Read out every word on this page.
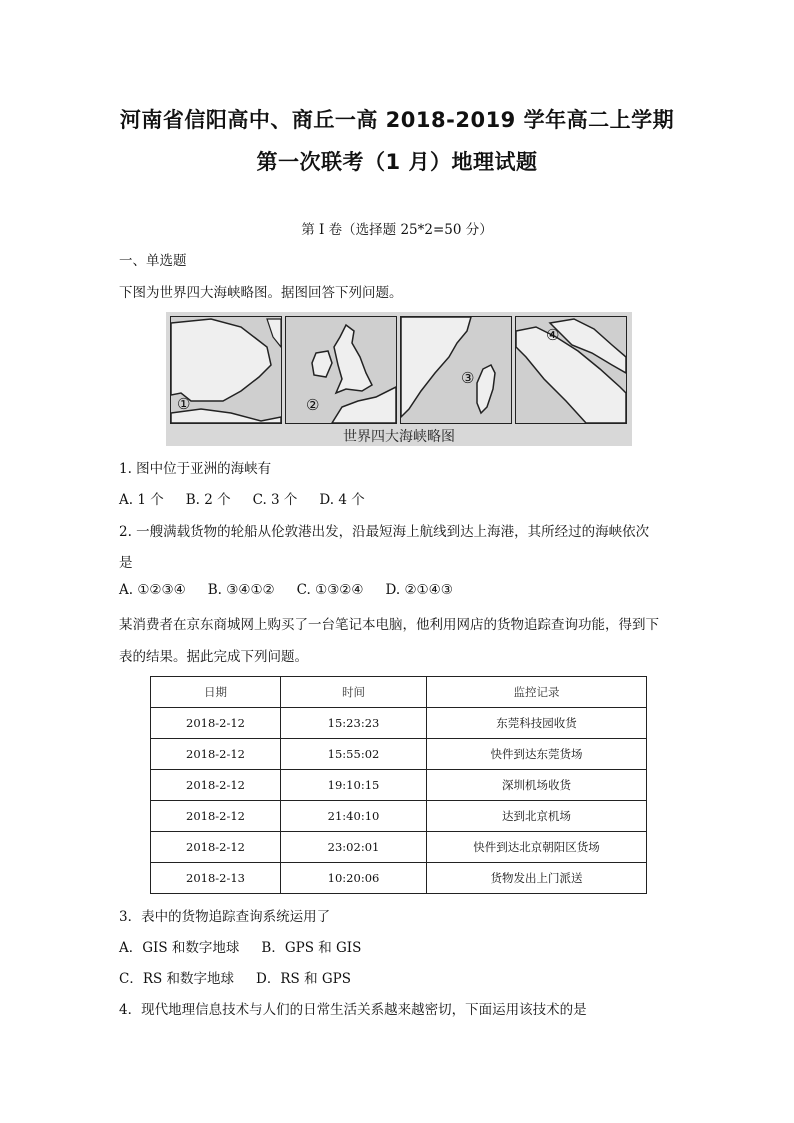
河南省信阳高中、商丘一高 2018-2019 学年高二上学期
第一次联考（1 月）地理试题
第 I 卷（选择题 25*2=50 分）
一、单选题
下图为世界四大海峡略图。据图回答下列问题。
①	②
③
④
世界四大海峡略图
1. 图中位于亚洲的海峡有
A. 1 个 B. 2 个 C. 3 个 D. 4 个
2. 一艘满载货物的轮船从伦敦港出发，沿最短海上航线到达上海港，其所经过的海峡依次
是
A. ①②③④ B. ③④①② C. ①③②④ D. ②①④③
某消费者在京东商城网上购买了一台笔记本电脑，他利用网店的货物追踪查询功能，得到下
表的结果。据此完成下列问题。
日期	时间	监控记录
2018-2-12	15:23:23	东莞科技园收货
2018-2-12	15:55:02	快件到达东莞货场
2018-2-12	19:10:15	深圳机场收货
2018-2-12	21:40:10	达到北京机场
2018-2-12	23:02:01	快件到达北京朝阳区货场
2018-2-13	10:20:06	货物发出上门派送
3．表中的货物追踪查询系统运用了
A．GIS 和数字地球 B．GPS 和 GIS
C．RS 和数字地球 D．RS 和 GPS
4．现代地理信息技术与人们的日常生活关系越来越密切，下面运用该技术的是
